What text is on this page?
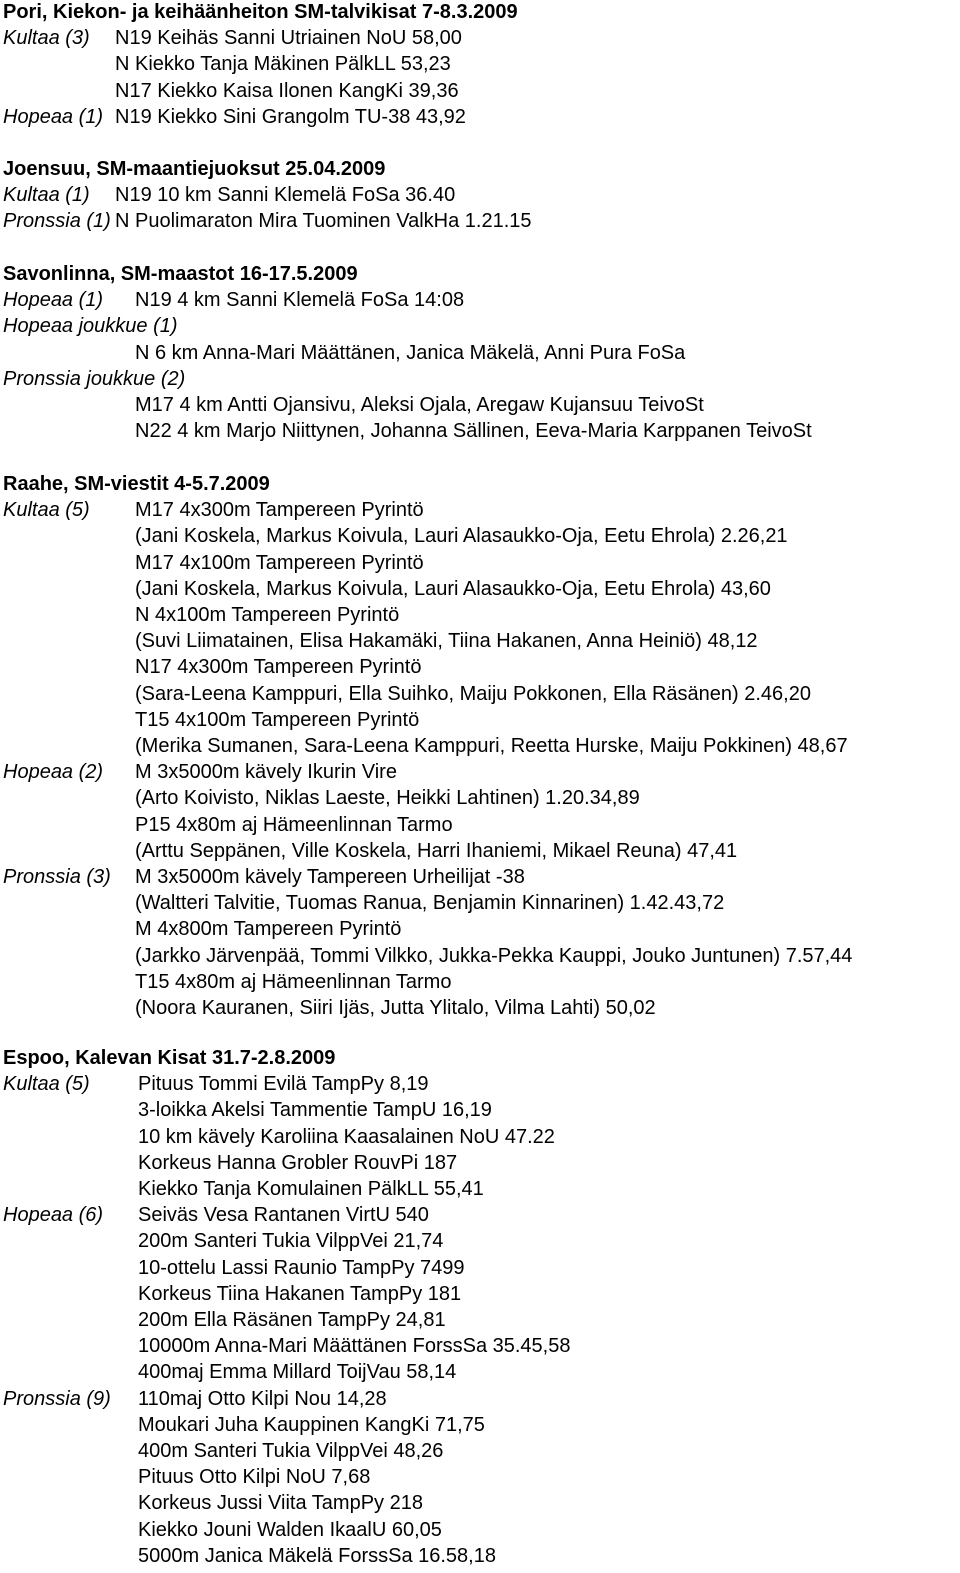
Pori, Kiekon- ja keihäänheiton SM-talvikisat 7-8.3.2009
Kultaa (3) N19 Keihäs Sanni Utriainen NoU 58,00
N Kiekko Tanja Mäkinen PälkLL 53,23
N17 Kiekko Kaisa Ilonen KangKi 39,36
Hopeaa (1) N19 Kiekko Sini Grangolm TU-38 43,92
Joensuu, SM-maantiejuoksut 25.04.2009
Kultaa (1) N19 10 km Sanni Klemelä FoSa 36.40
Pronssia (1) N Puolimaraton Mira Tuominen ValkHa 1.21.15
Savonlinna, SM-maastot 16-17.5.2009
Hopeaa (1) N19 4 km Sanni Klemelä FoSa 14:08
Hopeaa joukkue (1)
N 6 km Anna-Mari Määttänen, Janica Mäkelä, Anni Pura FoSa
Pronssia joukkue (2)
M17 4 km Antti Ojansivu, Aleksi Ojala, Aregaw Kujansuu TeivoSt
N22 4 km Marjo Niittynen, Johanna Sällinen, Eeva-Maria Karppanen TeivoSt
Raahe, SM-viestit 4-5.7.2009
Kultaa (5) M17 4x300m Tampereen Pyrintö
(Jani Koskela, Markus Koivula, Lauri Alasaukko-Oja, Eetu Ehrola) 2.26,21
M17 4x100m Tampereen Pyrintö
(Jani Koskela, Markus Koivula, Lauri Alasaukko-Oja, Eetu Ehrola) 43,60
N 4x100m Tampereen Pyrintö
(Suvi Liimatainen, Elisa Hakamäki, Tiina Hakanen, Anna Heiniö) 48,12
N17 4x300m Tampereen Pyrintö
(Sara-Leena Kamppuri, Ella Suihko, Maiju Pokkonen, Ella Räsänen) 2.46,20
T15 4x100m Tampereen Pyrintö
(Merika Sumanen, Sara-Leena Kamppuri, Reetta Hurske, Maiju Pokkinen) 48,67
Hopeaa (2) M 3x5000m kävely Ikurin Vire
(Arto Koivisto, Niklas Laeste, Heikki Lahtinen) 1.20.34,89
P15 4x80m aj Hämeenlinnan Tarmo
(Arttu Seppänen, Ville Koskela, Harri Ihaniemi, Mikael Reuna) 47,41
Pronssia (3) M 3x5000m kävely Tampereen Urheilijat -38
(Waltteri Talvitie, Tuomas Ranua, Benjamin Kinnarinen) 1.42.43,72
M 4x800m Tampereen Pyrintö
(Jarkko Järvenpää, Tommi Vilkko, Jukka-Pekka Kauppi, Jouko Juntunen) 7.57,44
T15 4x80m aj Hämeenlinnan Tarmo
(Noora Kauranen, Siiri Ijäs, Jutta Ylitalo, Vilma Lahti) 50,02
Espoo, Kalevan Kisat 31.7-2.8.2009
Kultaa (5) Pituus Tommi Evilä TampPy 8,19
3-loikka Akelsi Tammentie TampU 16,19
10 km kävely Karoliina Kaasalainen NoU 47.22
Korkeus Hanna Grobler RouvPi 187
Kiekko Tanja Komulainen PälkLL 55,41
Hopeaa (6) Seiväs Vesa Rantanen VirtU 540
200m Santeri Tukia VilppVei 21,74
10-ottelu Lassi Raunio TampPy 7499
Korkeus Tiina Hakanen TampPy 181
200m Ella Räsänen TampPy 24,81
10000m Anna-Mari Määttänen ForssSa 35.45,58
400maj Emma Millard ToijVau 58,14
Pronssia (9) 110maj Otto Kilpi Nou 14,28
Moukari Juha Kauppinen KangKi 71,75
400m Santeri Tukia VilppVei 48,26
Pituus Otto Kilpi NoU 7,68
Korkeus Jussi Viita TampPy 218
Kiekko Jouni Walden IkaalU 60,05
5000m Janica Mäkelä ForssSa 16.58,18
